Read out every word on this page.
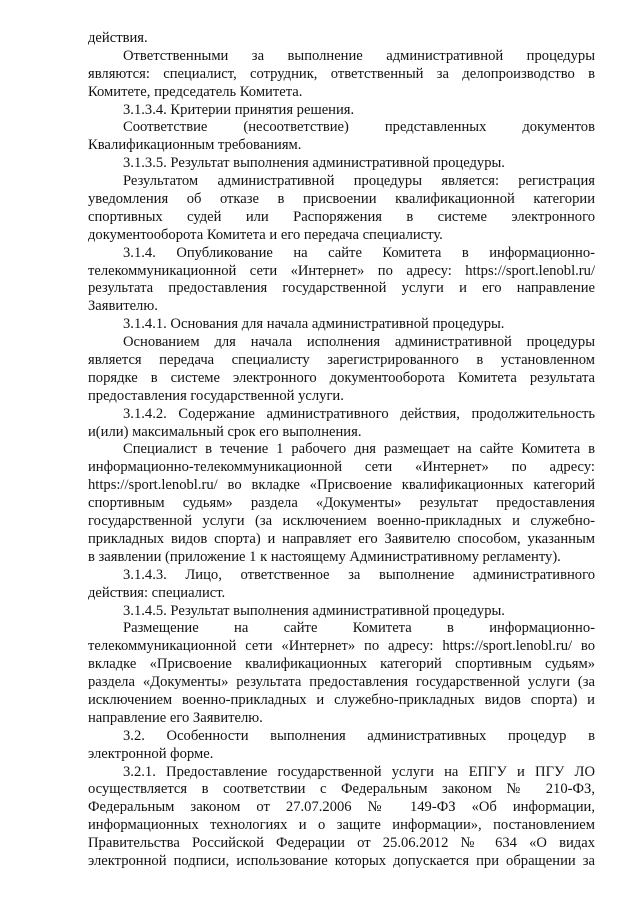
действия.
Ответственными за выполнение административной процедуры
являются: специалист, сотрудник, ответственный за делопроизводство в
Комитете, председатель Комитета.
3.1.3.4. Критерии принятия решения.
Соответствие (несоответствие) представленных документов
Квалификационным требованиям.
3.1.3.5. Результат выполнения административной процедуры.
Результатом административной процедуры является: регистрация
уведомления об отказе в присвоении квалификационной категории
спортивных судей или Распоряжения в системе электронного
документооборота Комитета и его передача специалисту.
3.1.4. Опубликование на сайте Комитета в информационно-
телекоммуникационной сети «Интернет» по адресу: https://sport.lenobl.ru/
результата предоставления государственной услуги и его направление
Заявителю.
3.1.4.1. Основания для начала административной процедуры.
Основанием для начала исполнения административной процедуры
является передача специалисту зарегистрированного в установленном
порядке в системе электронного документооборота Комитета результата
предоставления государственной услуги.
3.1.4.2. Содержание административного действия, продолжительность
и(или) максимальный срок его выполнения.
Специалист в течение 1 рабочего дня размещает на сайте Комитета в
информационно-телекоммуникационной сети «Интернет» по адресу:
https://sport.lenobl.ru/ во вкладке «Присвоение квалификационных категорий
спортивным судьям» раздела «Документы» результат предоставления
государственной услуги (за исключением военно-прикладных и служебно-
прикладных видов спорта) и направляет его Заявителю способом, указанным
в заявлении (приложение 1 к настоящему Административному регламенту).
3.1.4.3. Лицо, ответственное за выполнение административного
действия: специалист.
3.1.4.5. Результат выполнения административной процедуры.
Размещение на сайте Комитета в информационно-
телекоммуникационной сети «Интернет» по адресу: https://sport.lenobl.ru/ во
вкладке «Присвоение квалификационных категорий спортивным судьям»
раздела «Документы» результата предоставления государственной услуги (за
исключением военно-прикладных и служебно-прикладных видов спорта) и
направление его Заявителю.
3.2. Особенности выполнения административных процедур в
электронной форме.
3.2.1. Предоставление государственной услуги на ЕПГУ и ПГУ ЛО
осуществляется в соответствии с Федеральным законом № 210-ФЗ,
Федеральным законом от 27.07.2006 № 149-ФЗ «Об информации,
информационных технологиях и о защите информации», постановлением
Правительства Российской Федерации от 25.06.2012 № 634 «О видах
электронной подписи, использование которых допускается при обращении за
